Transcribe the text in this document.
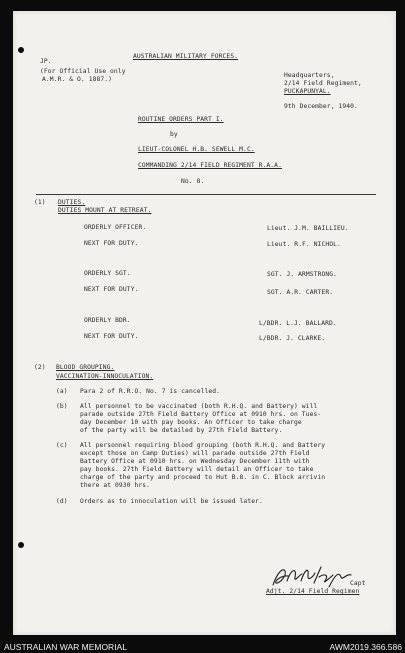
JP.
AUSTRALIAN MILITARY FORCES.
(For Official Use only
A.M.R. & O. 1887.)
Headquarters,
2/14 Field Regiment,
PUCKAPUNYAL.
9th December, 1940.
ROUTINE ORDERS PART I.
by
LIEUT-COLONEL H.B. SEWELL M.C.
COMMANDING 2/14 FIELD REGIMENT R.A.A.
No. 8.
(1) DUTIES.
DUTIES MOUNT AT RETREAT.
ORDERLY OFFICER.	Lieut. J.M. BAILLIEU.
NEXT FOR DUTY.	Lieut. R.F. NICHOL.
ORDERLY SGT.	SGT. J. ARMSTRONG.
NEXT FOR DUTY.	SGT. A.R. CARTER.
ORDERLY BDR.	L/BDR. L.J. BALLARD.
NEXT FOR DUTY.	L/BDR. J. CLARKE.
(2) BLOOD GROUPING.
VACCINATION-INNOCULATION.
(a) Para 2 of R.R.O. No. 7 is cancelled.
(b) All personnel to be vaccinated (both R.H.Q. and Battery) will
parade outside 27th Field Battery Office at 0910 hrs. on Tues-
day December 10 with pay books. An Officer to take charge
of the party will be detailed by 27th Field Battery.
(c) All personnel requiring blood grouping (both R.H.Q. and Battery
except those on Camp Duties) will parade outside 27th Field
Battery Office at 0910 hrs. on Wednesday December 11th with
pay books. 27th Field Battery will detail an Officer to take
charge of the party and proceed to Hut B.8. in C. Block arrivin
there at 0930 hrs.
(d) Orders as to innoculation will be issued later.
Capt
Adjt. 2/14 Field Regimen
AUSTRALIAN WAR MEMORIAL	AWM2019.366.586
